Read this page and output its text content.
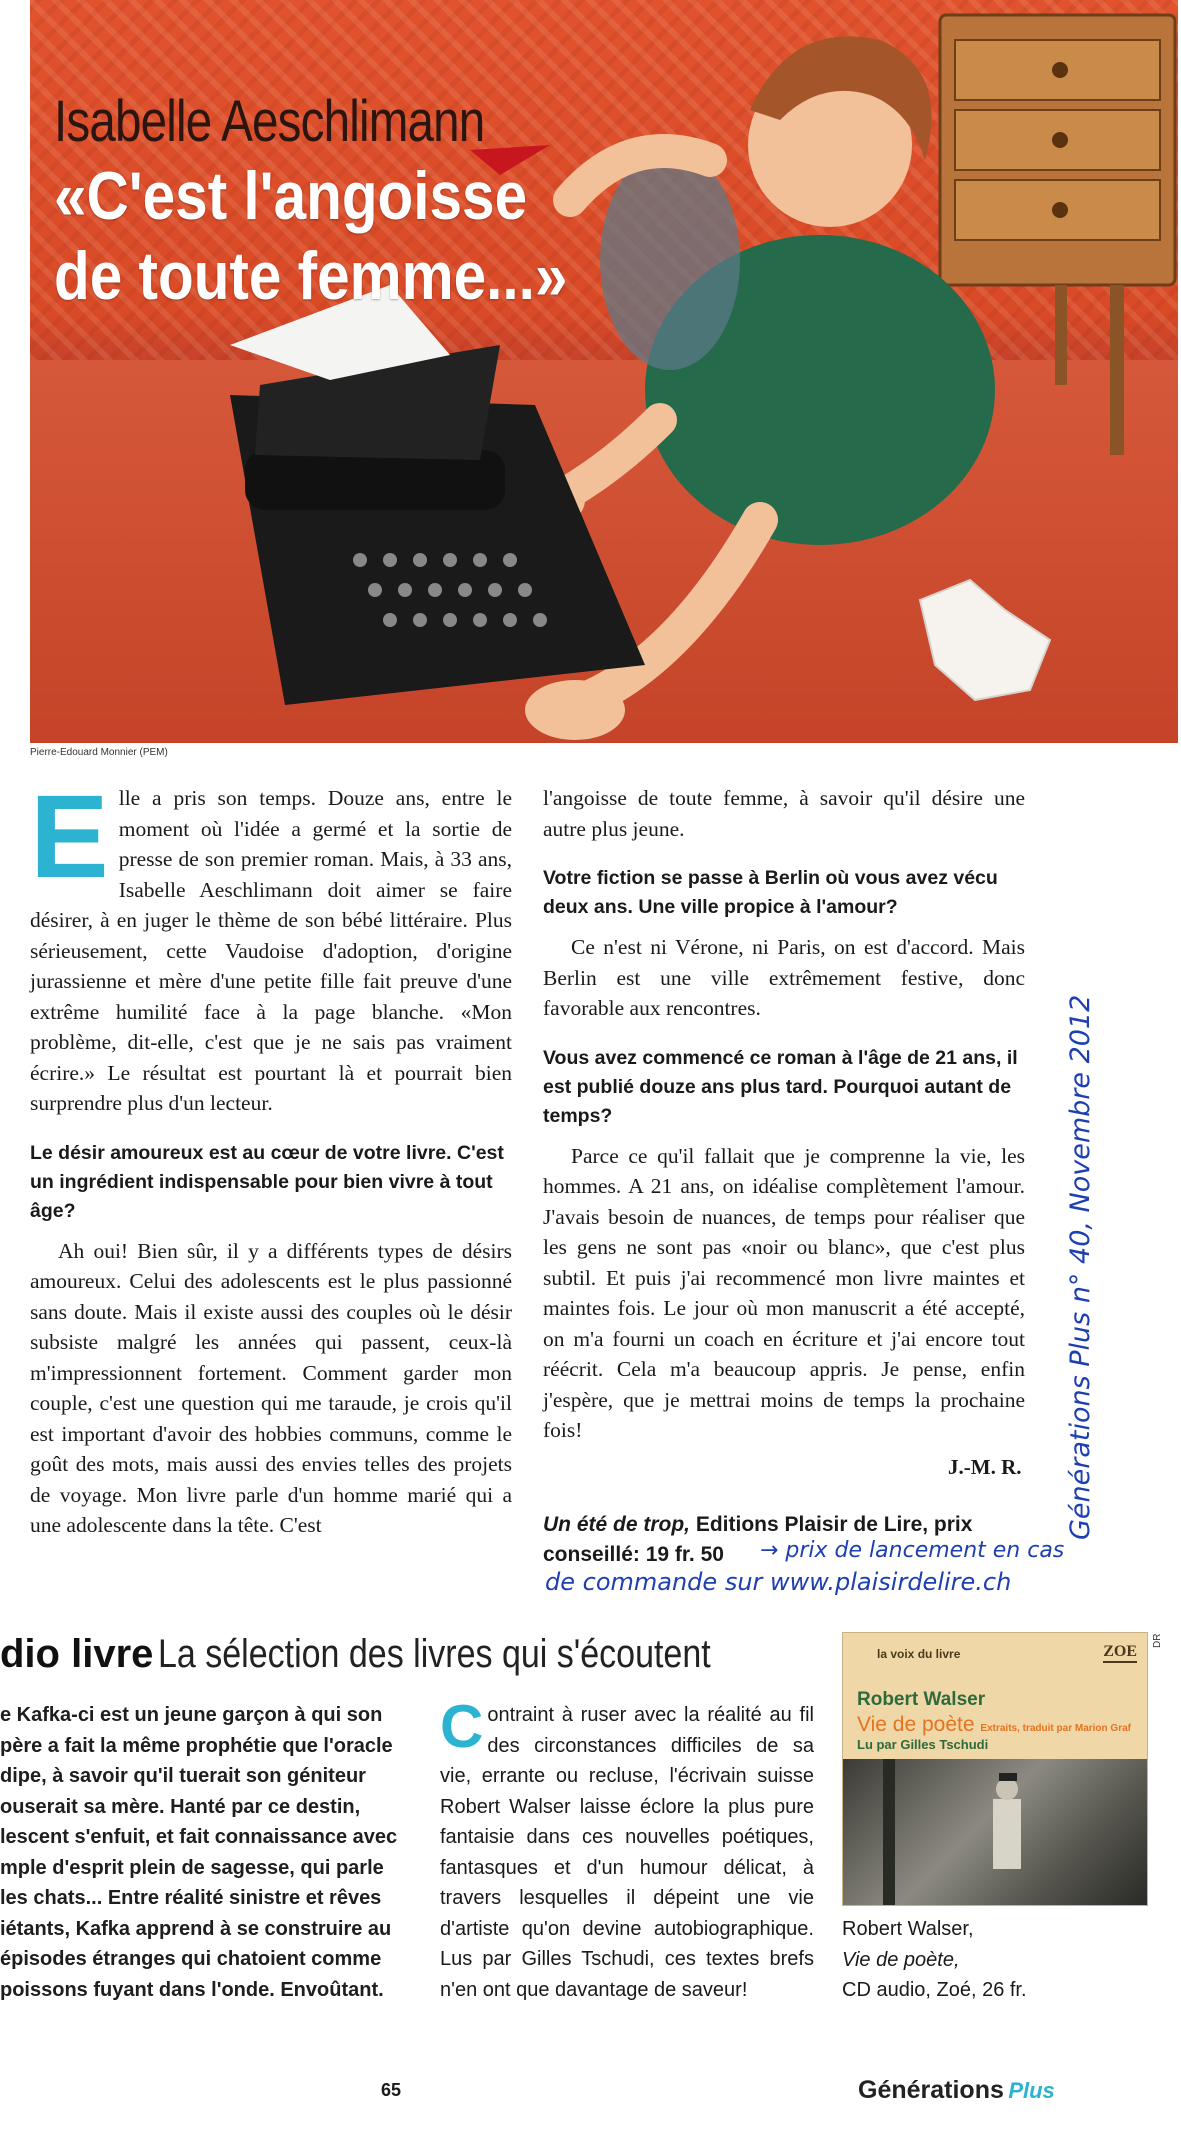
Isabelle Aeschlimann
«C'est l'angoisse
de toute femme...»
Pierre-Edouard Monnier (PEM)

Elle a pris son temps. Douze ans, entre le moment où l'idée a germé et la sortie de presse de son premier roman. Mais, à 33 ans, Isabelle Aeschlimann doit aimer se faire désirer, à en juger le thème de son bébé littéraire. Plus sérieusement, cette Vaudoise d'adoption, d'origine jurassienne et mère d'une petite fille fait preuve d'une extrême humilité face à la page blanche. «Mon problème, dit-elle, c'est que je ne sais pas vraiment écrire.» Le résultat est pourtant là et pourrait bien surprendre plus d'un lecteur.

Le désir amoureux est au cœur de votre livre. C'est un ingrédient indispensable pour bien vivre à tout âge?

Ah oui! Bien sûr, il y a différents types de désirs amoureux. Celui des adolescents est le plus passionné sans doute. Mais il existe aussi des couples où le désir subsiste malgré les années qui passent, ceux-là m'impressionnent fortement. Comment garder mon couple, c'est une question qui me taraude, je crois qu'il est important d'avoir des hobbies communs, comme le goût des mots, mais aussi des envies telles des projets de voyage. Mon livre parle d'un homme marié qui a une adolescente dans la tête. C'est

l'angoisse de toute femme, à savoir qu'il désire une autre plus jeune.

Votre fiction se passe à Berlin où vous avez vécu deux ans. Une ville propice à l'amour?

Ce n'est ni Vérone, ni Paris, on est d'accord. Mais Berlin est une ville extrêmement festive, donc favorable aux rencontres.

Vous avez commencé ce roman à l'âge de 21 ans, il est publié douze ans plus tard. Pourquoi autant de temps?

Parce ce qu'il fallait que je comprenne la vie, les hommes. A 21 ans, on idéalise complètement l'amour. J'avais besoin de nuances, de temps pour réaliser que les gens ne sont pas «noir ou blanc», que c'est plus subtil. Et puis j'ai recommencé mon livre maintes et maintes fois. Le jour où mon manuscrit a été accepté, on m'a fourni un coach en écriture et j'ai encore tout réécrit. Cela m'a beaucoup appris. Je pense, enfin j'espère, que je mettrai moins de temps la prochaine fois!

J.-M. R.
Un été de trop, Editions Plaisir de Lire, prix conseillé: 19 fr. 50	→ prix de lancement en cas
de commande sur www.plaisirdelire.ch
Générations Plus n° 40, Novembre 2012
dio livre La sélection des livres qui s'écoutent
e Kafka-ci est un jeune garçon à qui son
père a fait la même prophétie que l'oracle
dipe, à savoir qu'il tuerait son géniteur
ouserait sa mère. Hanté par ce destin,
lescent s'enfuit, et fait connaissance avec
mple d'esprit plein de sagesse, qui parle
les chats... Entre réalité sinistre et rêves
iétants, Kafka apprend à se construire au
épisodes étranges qui chatoient comme
poissons fuyant dans l'onde. Envoûtant.
Contraint à ruser avec la réalité au fil des circonstances difficiles de sa vie, errante ou recluse, l'écrivain suisse Robert Walser laisse éclore la plus pure fantaisie dans ces nouvelles poétiques, fantasques et d'un humour délicat, à travers lesquelles il dépeint une vie d'artiste qu'on devine autobiographique. Lus par Gilles Tschudi, ces textes brefs n'en ont que davantage de saveur!
la voix du livre	ZOE
Robert Walser
Vie de poète Extraits, traduit par Marion Graf
Lu par Gilles Tschudi
DR
Robert Walser,
Vie de poète,
CD audio, Zoé, 26 fr.
65	Générations Plus
